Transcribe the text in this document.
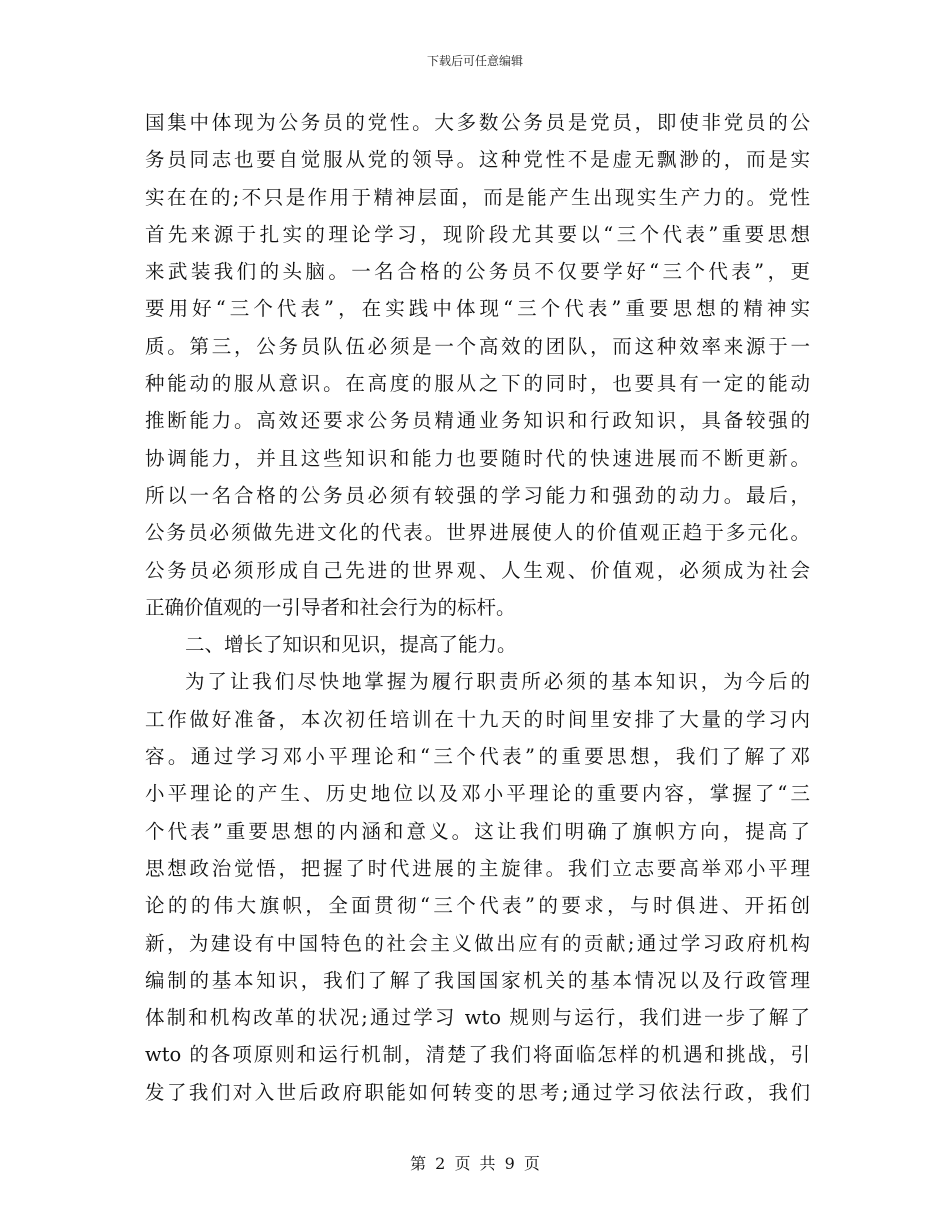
下载后可任意编辑
国集中体现为公务员的党性。大多数公务员是党员，即使非党员的公
务员同志也要自觉服从党的领导。这种党性不是虚无飘渺的，而是实
实在在的;不只是作用于精神层面，而是能产生出现实生产力的。党性
首先来源于扎实的理论学习，现阶段尤其要以“三个代表”重要思想
来武装我们的头脑。一名合格的公务员不仅要学好“三个代表”，更
要用好“三个代表”，在实践中体现“三个代表”重要思想的精神实
质。第三，公务员队伍必须是一个高效的团队，而这种效率来源于一
种能动的服从意识。在高度的服从之下的同时，也要具有一定的能动
推断能力。高效还要求公务员精通业务知识和行政知识，具备较强的
协调能力，并且这些知识和能力也要随时代的快速进展而不断更新。
所以一名合格的公务员必须有较强的学习能力和强劲的动力。最后，
公务员必须做先进文化的代表。世界进展使人的价值观正趋于多元化。
公务员必须形成自己先进的世界观、人生观、价值观，必须成为社会
正确价值观的一引导者和社会行为的标杆。
二、增长了知识和见识，提高了能力。
为了让我们尽快地掌握为履行职责所必须的基本知识，为今后的
工作做好准备，本次初任培训在十九天的时间里安排了大量的学习内
容。通过学习邓小平理论和“三个代表”的重要思想，我们了解了邓
小平理论的产生、历史地位以及邓小平理论的重要内容，掌握了“三
个代表”重要思想的内涵和意义。这让我们明确了旗帜方向，提高了
思想政治觉悟，把握了时代进展的主旋律。我们立志要高举邓小平理
论的的伟大旗帜，全面贯彻“三个代表”的要求，与时俱进、开拓创
新，为建设有中国特色的社会主义做出应有的贡献;通过学习政府机构
编制的基本知识，我们了解了我国国家机关的基本情况以及行政管理
体制和机构改革的状况;通过学习 wto 规则与运行，我们进一步了解了
wto 的各项原则和运行机制，清楚了我们将面临怎样的机遇和挑战，引
发了我们对入世后政府职能如何转变的思考;通过学习依法行政，我们
第 2 页 共 9 页
